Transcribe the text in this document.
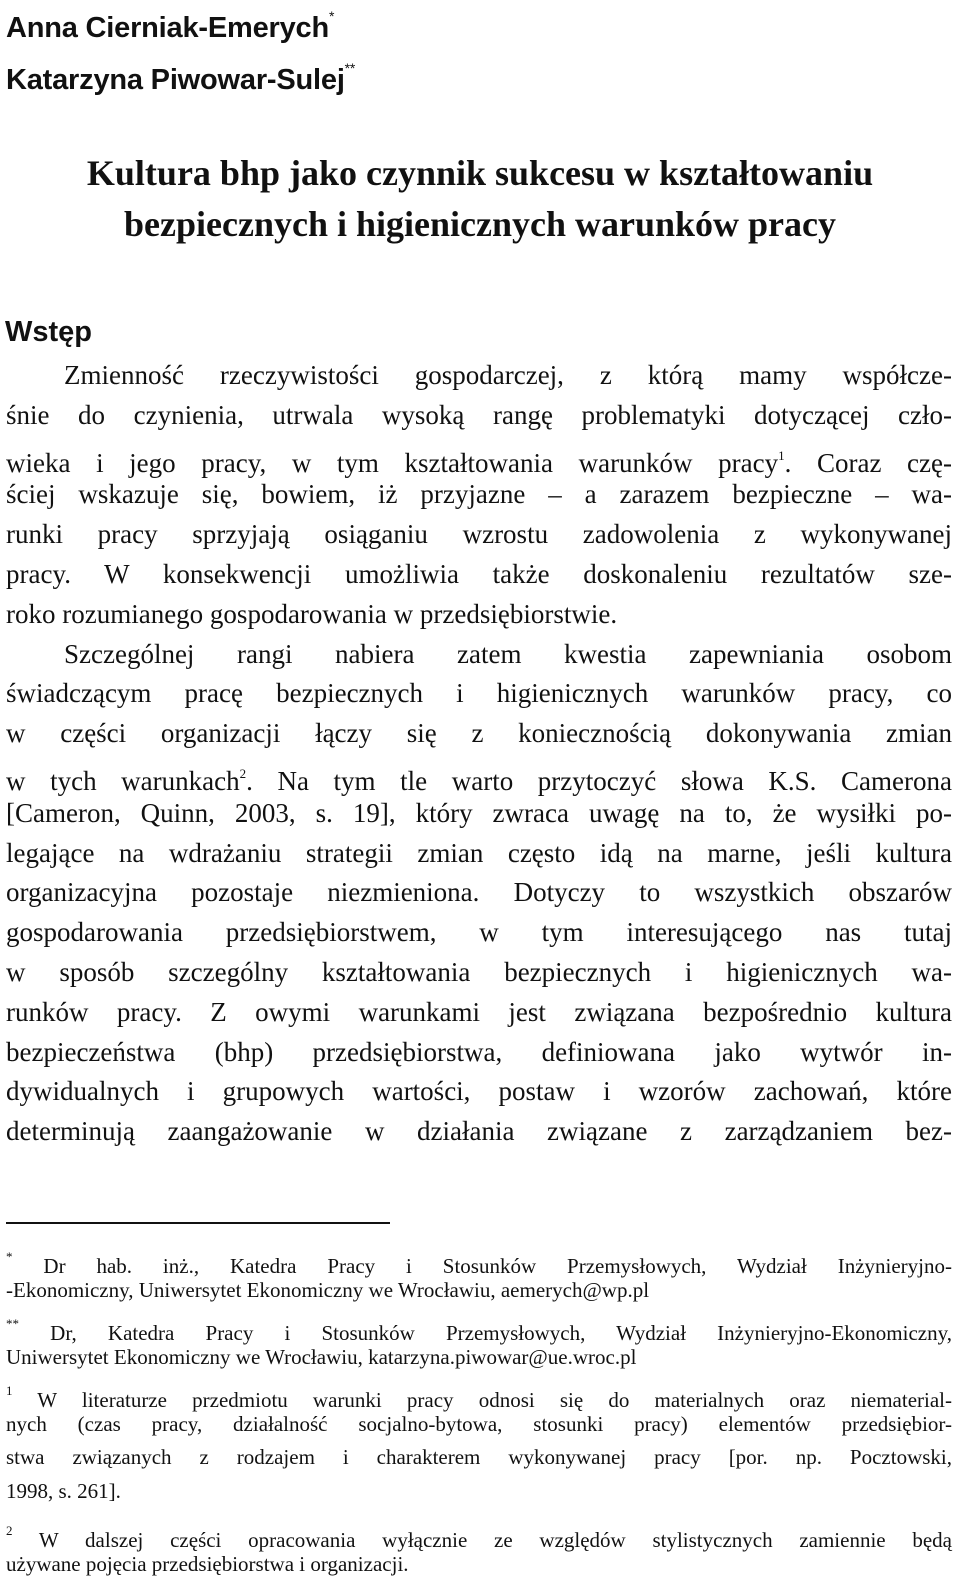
Anna Cierniak-Emerych*
Katarzyna Piwowar-Sulej**
Kultura bhp jako czynnik sukcesu w kształtowaniu
bezpiecznych i higienicznych warunków pracy
Wstęp
Zmienność rzeczywistości gospodarczej, z którą mamy współcze-
śnie do czynienia, utrwala wysoką rangę problematyki dotyczącej czło-
wieka i jego pracy, w tym kształtowania warunków pracy$^1$. Coraz czę-
ściej wskazuje się, bowiem, iż przyjazne – a zarazem bezpieczne – wa-
runki pracy sprzyjają osiąganiu wzrostu zadowolenia z wykonywanej
pracy. W konsekwencji umożliwia także doskonaleniu rezultatów sze-
roko rozumianego gospodarowania w przedsiębiorstwie.
Szczególnej rangi nabiera zatem kwestia zapewniania osobom
świadczącym pracę bezpiecznych i higienicznych warunków pracy, co
w części organizacji łączy się z koniecznością dokonywania zmian
w tych warunkach$^2$. Na tym tle warto przytoczyć słowa K.S. Camerona
[Cameron, Quinn, 2003, s. 19], który zwraca uwagę na to, że wysiłki po-
legające na wdrażaniu strategii zmian często idą na marne, jeśli kultura
organizacyjna pozostaje niezmieniona. Dotyczy to wszystkich obszarów
gospodarowania przedsiębiorstwem, w tym interesującego nas tutaj
w sposób szczególny kształtowania bezpiecznych i higienicznych wa-
runków pracy. Z owymi warunkami jest związana bezpośrednio kultura
bezpieczeństwa (bhp) przedsiębiorstwa, definiowana jako wytwór in-
dywidualnych i grupowych wartości, postaw i wzorów zachowań, które
determinują zaangażowanie w działania związane z zarządzaniem bez-
* Dr hab. inż., Katedra Pracy i Stosunków Przemysłowych, Wydział Inżynieryjno-
-Ekonomiczny, Uniwersytet Ekonomiczny we Wrocławiu, aemerych@wp.pl
** Dr, Katedra Pracy i Stosunków Przemysłowych, Wydział Inżynieryjno-Ekonomiczny,
Uniwersytet Ekonomiczny we Wrocławiu, katarzyna.piwowar@ue.wroc.pl
$^1$ W literaturze przedmiotu warunki pracy odnosi się do materialnych oraz niematerial-
nych (czas pracy, działalność socjalno-bytowa, stosunki pracy) elementów przedsiębior-
stwa związanych z rodzajem i charakterem wykonywanej pracy [por. np. Pocztowski,
1998, s. 261].
$^2$ W dalszej części opracowania wyłącznie ze względów stylistycznych zamiennie będą
używane pojęcia przedsiębiorstwa i organizacji.
